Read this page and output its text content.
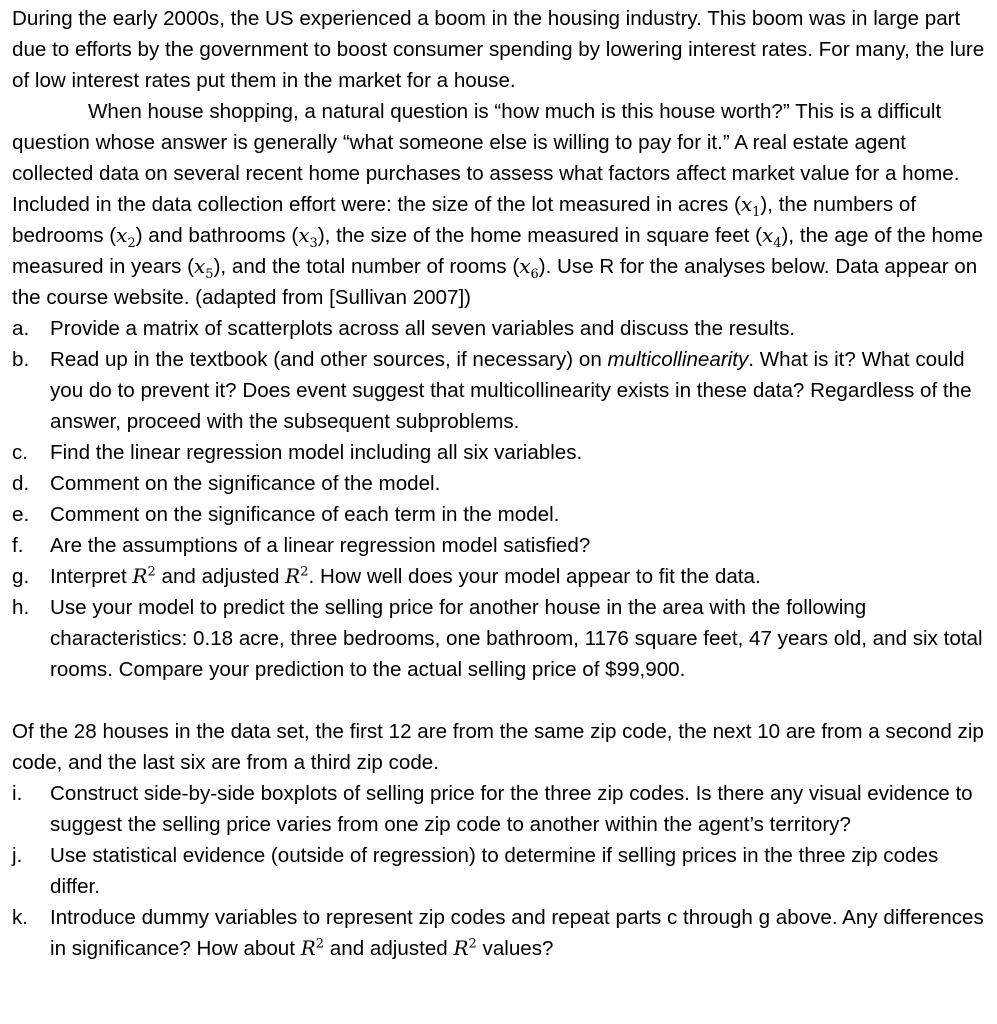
During the early 2000s, the US experienced a boom in the housing industry. This boom was in large part due to efforts by the government to boost consumer spending by lowering interest rates. For many, the lure of low interest rates put them in the market for a house.

When house shopping, a natural question is “how much is this house worth?” This is a difficult question whose answer is generally “what someone else is willing to pay for it.” A real estate agent collected data on several recent home purchases to assess what factors affect market value for a home. Included in the data collection effort were: the size of the lot measured in acres $(x_1)$, the numbers of bedrooms $(x_2)$ and bathrooms $(x_3)$, the size of the home measured in square feet $(x_4)$, the age of the home measured in years $(x_5)$, and the total number of rooms $(x_6)$. Use R for the analyses below. Data appear on the course website. (adapted from [Sullivan 2007])

a.	Provide a matrix of scatterplots across all seven variables and discuss the results.
b.	Read up in the textbook (and other sources, if necessary) on multicollinearity. What is it? What could you do to prevent it? Does event suggest that multicollinearity exists in these data? Regardless of the answer, proceed with the subsequent subproblems.
c.	Find the linear regression model including all six variables.
d.	Comment on the significance of the model.
e.	Comment on the significance of each term in the model.
f.	Are the assumptions of a linear regression model satisfied?
g.	Interpret $R^2$ and adjusted $R^2$. How well does your model appear to fit the data.
h.	Use your model to predict the selling price for another house in the area with the following characteristics: 0.18 acre, three bedrooms, one bathroom, 1176 square feet, 47 years old, and six total rooms. Compare your prediction to the actual selling price of $99,900.

Of the 28 houses in the data set, the first 12 are from the same zip code, the next 10 are from a second zip code, and the last six are from a third zip code.

i.	Construct side-by-side boxplots of selling price for the three zip codes. Is there any visual evidence to suggest the selling price varies from one zip code to another within the agent’s territory?
j.	Use statistical evidence (outside of regression) to determine if selling prices in the three zip codes differ.
k.	Introduce dummy variables to represent zip codes and repeat parts c through g above. Any differences in significance? How about $R^2$ and adjusted $R^2$ values?
